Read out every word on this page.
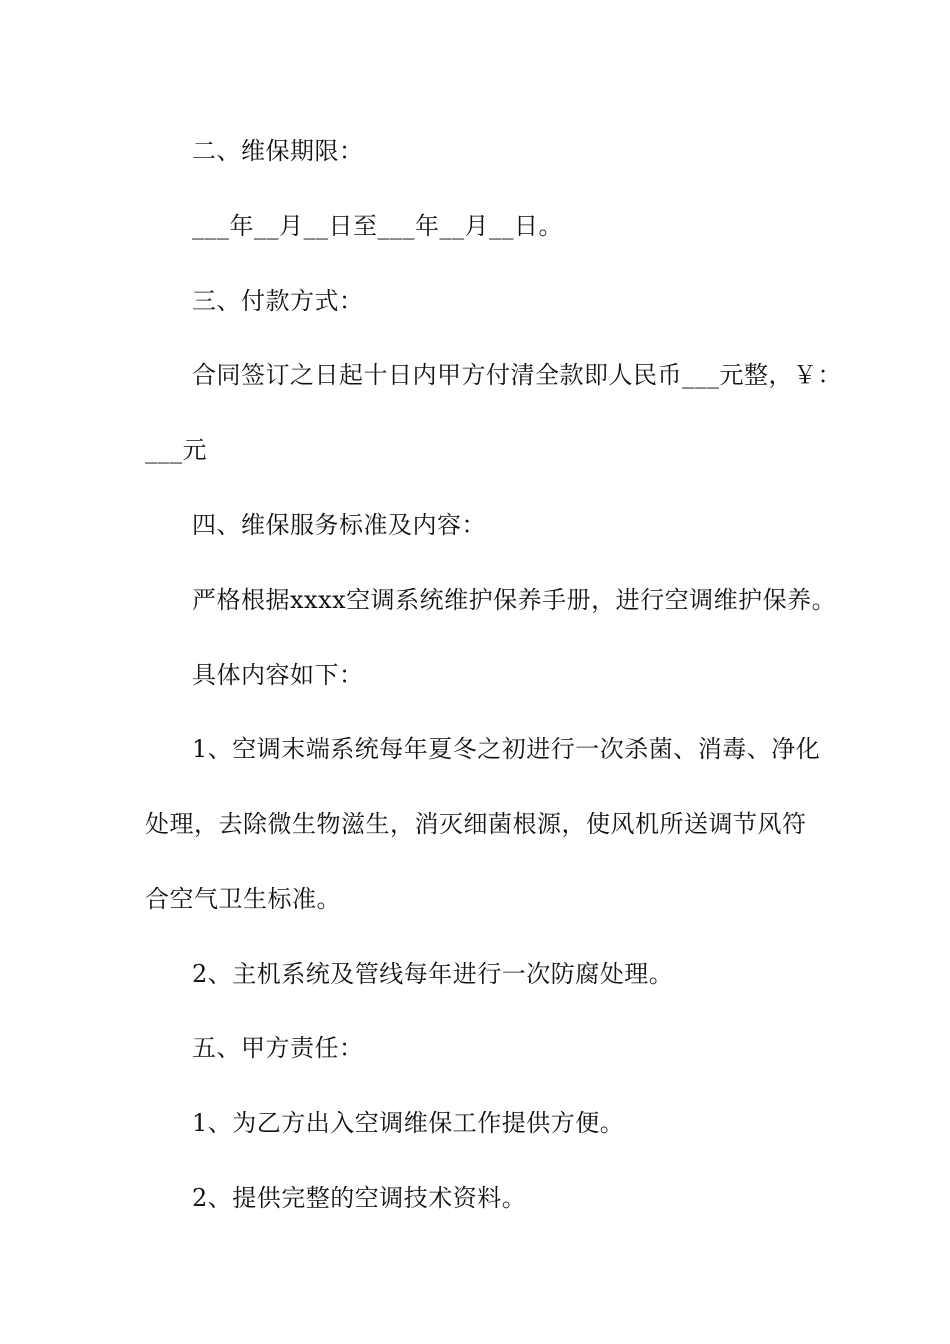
二、维保期限：
___年__月__日至___年__月__日。
三、付款方式：
合同签订之日起十日内甲方付清全款即人民币___元整，￥：
___元
四、维保服务标准及内容：
严格根据xxxx空调系统维护保养手册，进行空调维护保养。
具体内容如下：
1、空调末端系统每年夏冬之初进行一次杀菌、消毒、净化
处理，去除微生物滋生，消灭细菌根源，使风机所送调节风符
合空气卫生标准。
2、主机系统及管线每年进行一次防腐处理。
五、甲方责任：
1、为乙方出入空调维保工作提供方便。
2、提供完整的空调技术资料。
